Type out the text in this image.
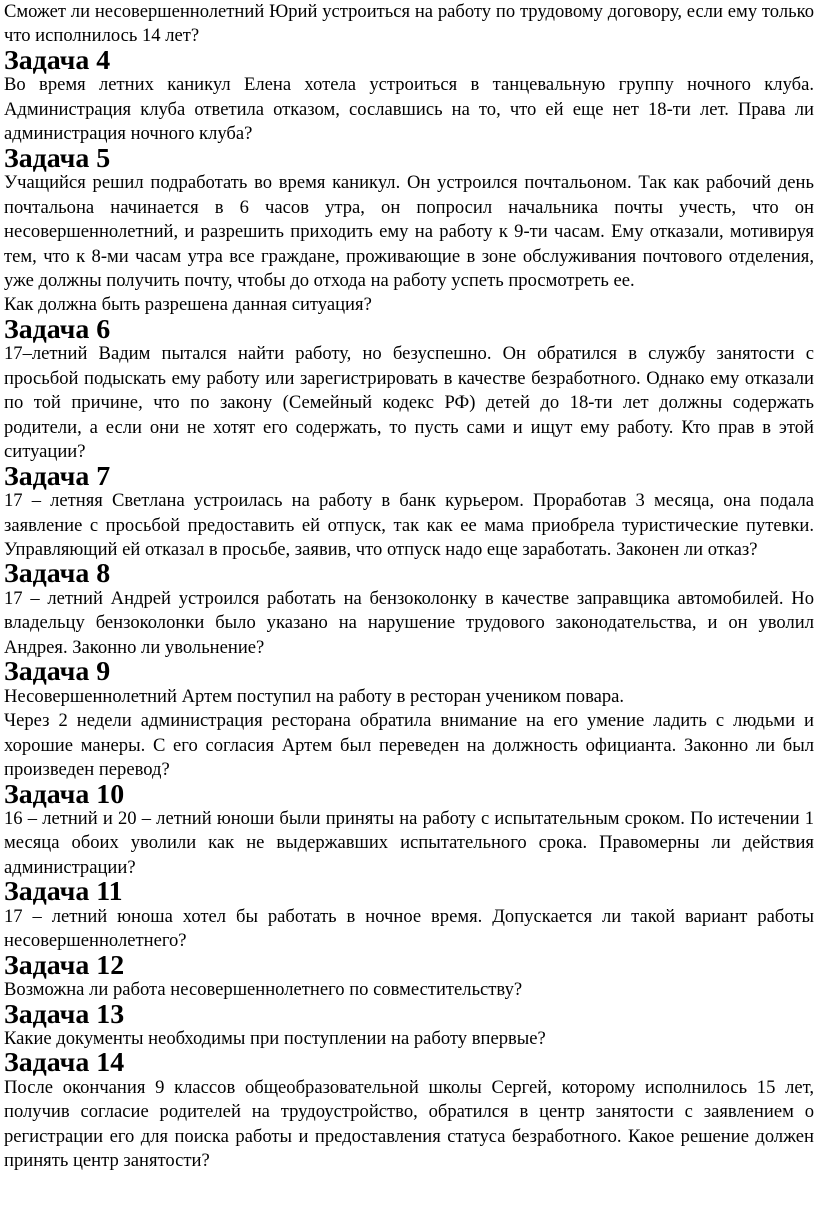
Сможет ли несовершеннолетний Юрий устроиться на работу по трудовому договору, если ему только что исполнилось 14 лет?

Задача 4

Во время летних каникул Елена хотела устроиться в танцевальную группу ночного клуба. Администрация клуба ответила отказом, сославшись на то, что ей еще нет 18-ти лет. Права ли администрация ночного клуба?

Задача 5

Учащийся решил подработать во время каникул. Он устроился почтальоном. Так как рабочий день почтальона начинается в 6 часов утра, он попросил начальника почты учесть, что он несовершеннолетний, и разрешить приходить ему на работу к 9-ти часам. Ему отказали, мотивируя тем, что к 8-ми часам утра все граждане, проживающие в зоне обслуживания почтового отделения, уже должны получить почту, чтобы до отхода на работу успеть просмотреть ее.

Как должна быть разрешена данная ситуация?

Задача 6

17–летний Вадим пытался найти работу, но безуспешно. Он обратился в службу занятости с просьбой подыскать ему работу или зарегистрировать в качестве безработного. Однако ему отказали по той причине, что по закону (Семейный кодекс РФ) детей до 18-ти лет должны содержать родители, а если они не хотят его содержать, то пусть сами и ищут ему работу. Кто прав в этой ситуации?

Задача 7

17 – летняя Светлана устроилась на работу в банк курьером. Проработав 3 месяца, она подала заявление с просьбой предоставить ей отпуск, так как ее мама приобрела туристические путевки. Управляющий ей отказал в просьбе, заявив, что отпуск надо еще заработать. Законен ли отказ?

Задача 8

17 – летний Андрей устроился работать на бензоколонку в качестве заправщика автомобилей. Но владельцу бензоколонки было указано на нарушение трудового законодательства, и он уволил Андрея. Законно ли увольнение?

Задача 9

Несовершеннолетний Артем поступил на работу в ресторан учеником повара.

Через 2 недели администрация ресторана обратила внимание на его умение ладить с людьми и хорошие манеры. С его согласия Артем был переведен на должность официанта. Законно ли был произведен перевод?

Задача 10

16 – летний и 20 – летний юноши были приняты на работу с испытательным сроком. По истечении 1 месяца обоих уволили как не выдержавших испытательного срока. Правомерны ли действия администрации?

Задача 11

17 – летний юноша хотел бы работать в ночное время. Допускается ли такой вариант работы несовершеннолетнего?

Задача 12

Возможна ли работа несовершеннолетнего по совместительству?

Задача 13

Какие документы необходимы при поступлении на работу впервые?

Задача 14

После окончания 9 классов общеобразовательной школы Сергей, которому исполнилось 15 лет, получив согласие родителей на трудоустройство, обратился в центр занятости с заявлением о регистрации его для поиска работы и предоставления статуса безработного. Какое решение должен принять центр занятости?
